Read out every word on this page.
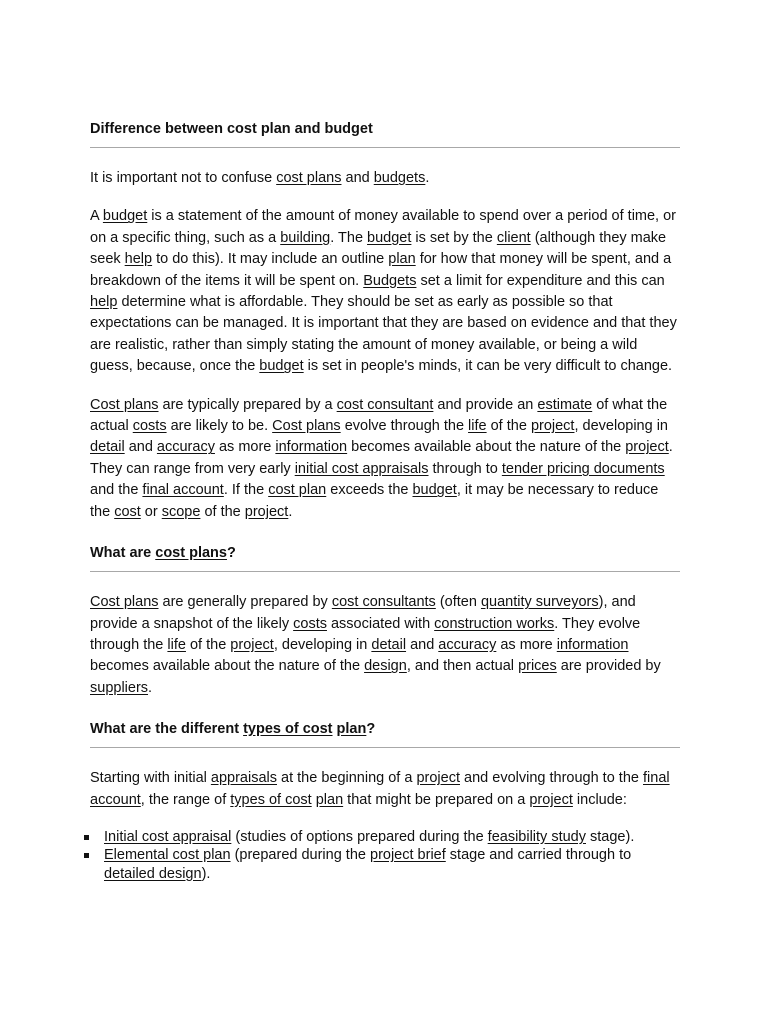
Difference between cost plan and budget

It is important not to confuse cost plans and budgets.

A budget is a statement of the amount of money available to spend over a period of time, or on a specific thing, such as a building. The budget is set by the client (although they make seek help to do this). It may include an outline plan for how that money will be spent, and a breakdown of the items it will be spent on. Budgets set a limit for expenditure and this can help determine what is affordable. They should be set as early as possible so that expectations can be managed. It is important that they are based on evidence and that they are realistic, rather than simply stating the amount of money available, or being a wild guess, because, once the budget is set in people's minds, it can be very difficult to change.

Cost plans are typically prepared by a cost consultant and provide an estimate of what the actual costs are likely to be. Cost plans evolve through the life of the project, developing in detail and accuracy as more information becomes available about the nature of the project. They can range from very early initial cost appraisals through to tender pricing documents and the final account. If the cost plan exceeds the budget, it may be necessary to reduce the cost or scope of the project.

What are cost plans?

Cost plans are generally prepared by cost consultants (often quantity surveyors), and provide a snapshot of the likely costs associated with construction works. They evolve through the life of the project, developing in detail and accuracy as more information becomes available about the nature of the design, and then actual prices are provided by suppliers.

What are the different types of cost plan?

Starting with initial appraisals at the beginning of a project and evolving through to the final account, the range of types of cost plan that might be prepared on a project include:

Initial cost appraisal (studies of options prepared during the feasibility study stage).
Elemental cost plan (prepared during the project brief stage and carried through to detailed design).
